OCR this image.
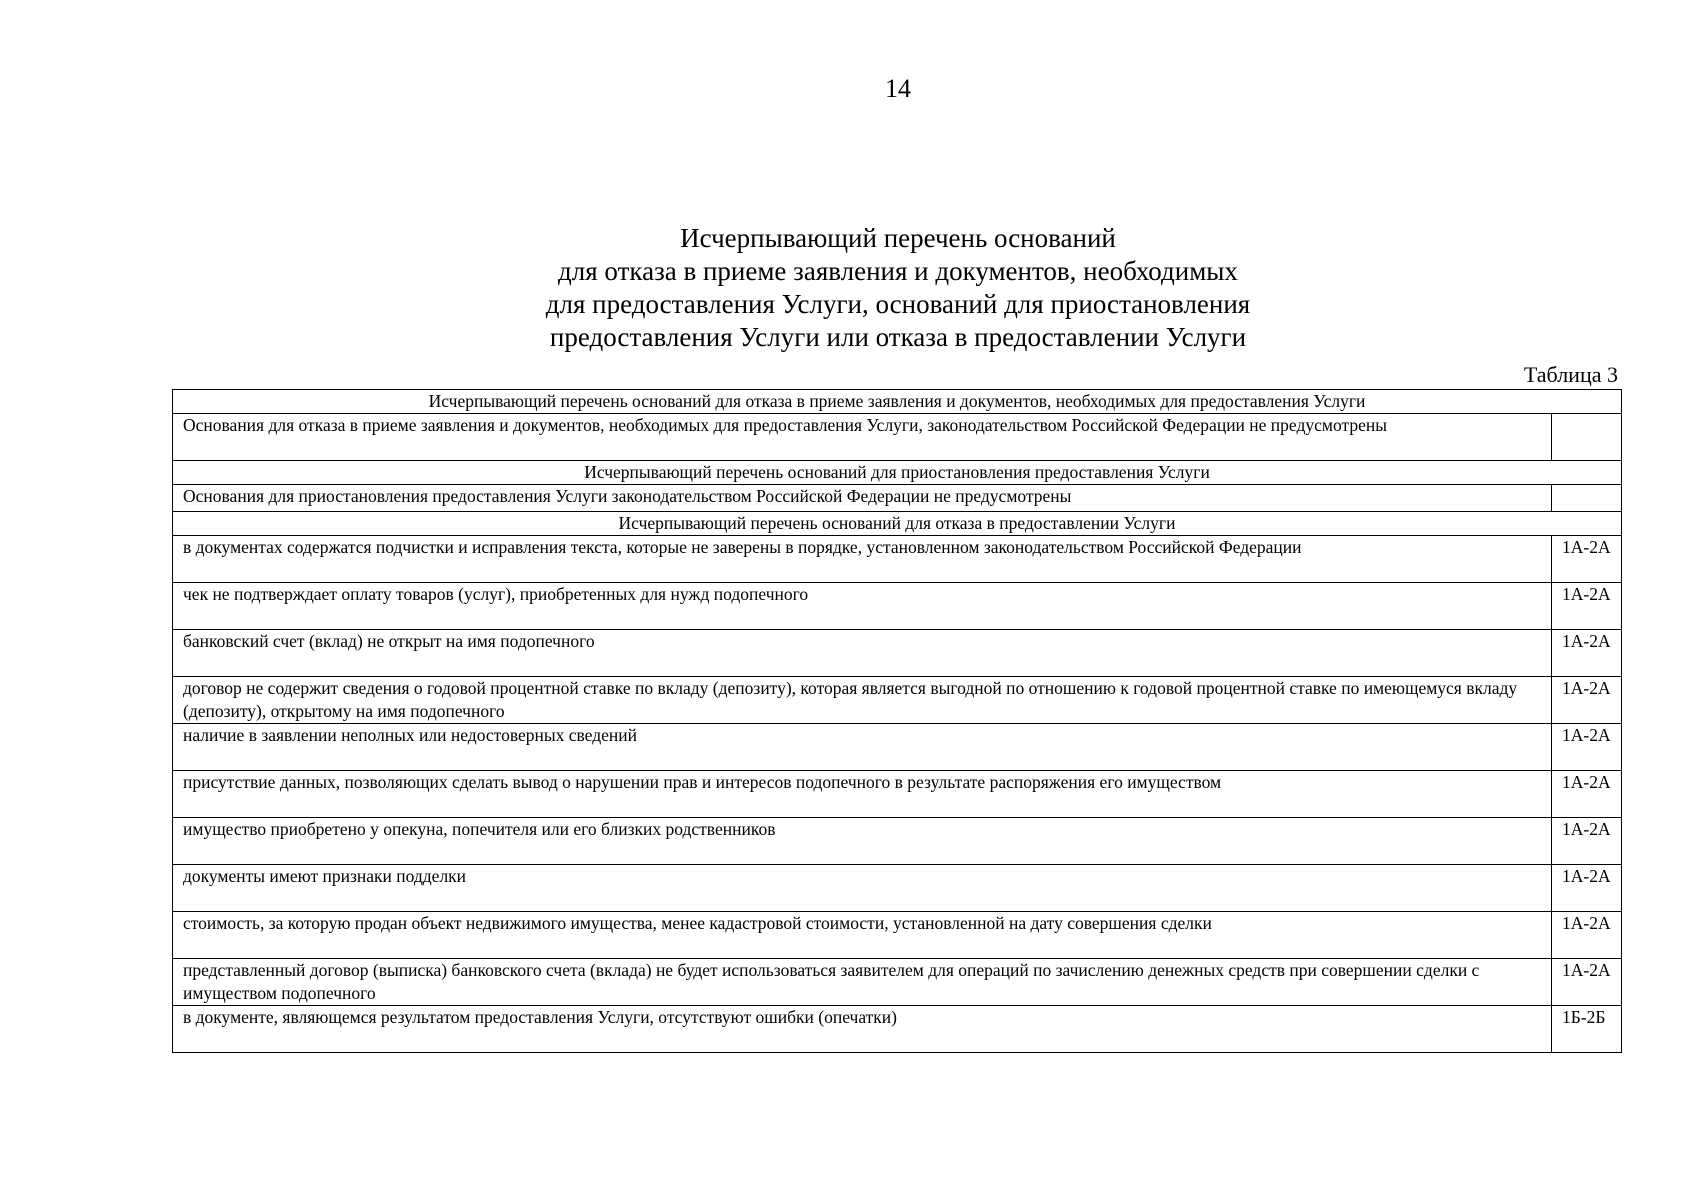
14
Исчерпывающий перечень оснований
для отказа в приеме заявления и документов, необходимых
для предоставления Услуги, оснований для приостановления
предоставления Услуги или отказа в предоставлении Услуги
Таблица 3
Исчерпывающий перечень оснований для отказа в приеме заявления и документов, необходимых для предоставления Услуги	
Основания для отказа в приеме заявления и документов, необходимых для предоставления Услуги, законодательством Российской Федерации не предусмотрены	
Исчерпывающий перечень оснований для приостановления предоставления Услуги	
Основания для приостановления предоставления Услуги законодательством Российской Федерации не предусмотрены	
Исчерпывающий перечень оснований для отказа в предоставлении Услуги	
в документах содержатся подчистки и исправления текста, которые не заверены в порядке, установленном законодательством Российской Федерации	1А-2А
чек не подтверждает оплату товаров (услуг), приобретенных для нужд подопечного	1А-2А
банковский счет (вклад) не открыт на имя подопечного	1А-2А
договор не содержит сведения о годовой процентной ставке по вкладу (депозиту), которая является выгодной по отношению к годовой процентной ставке по имеющемуся вкладу (депозиту), открытому на имя подопечного	1А-2А
наличие в заявлении неполных или недостоверных сведений	1А-2А
присутствие данных, позволяющих сделать вывод о нарушении прав и интересов подопечного в результате распоряжения его имуществом	1А-2А
имущество приобретено у опекуна, попечителя или его близких родственников	1А-2А
документы имеют признаки подделки	1А-2А
стоимость, за которую продан объект недвижимого имущества, менее кадастровой стоимости, установленной на дату совершения сделки	1А-2А
представленный договор (выписка) банковского счета (вклада) не будет использоваться заявителем для операций по зачислению денежных средств при совершении сделки с имуществом подопечного	1А-2А
в документе, являющемся результатом предоставления Услуги, отсутствуют ошибки (опечатки)	1Б-2Б
